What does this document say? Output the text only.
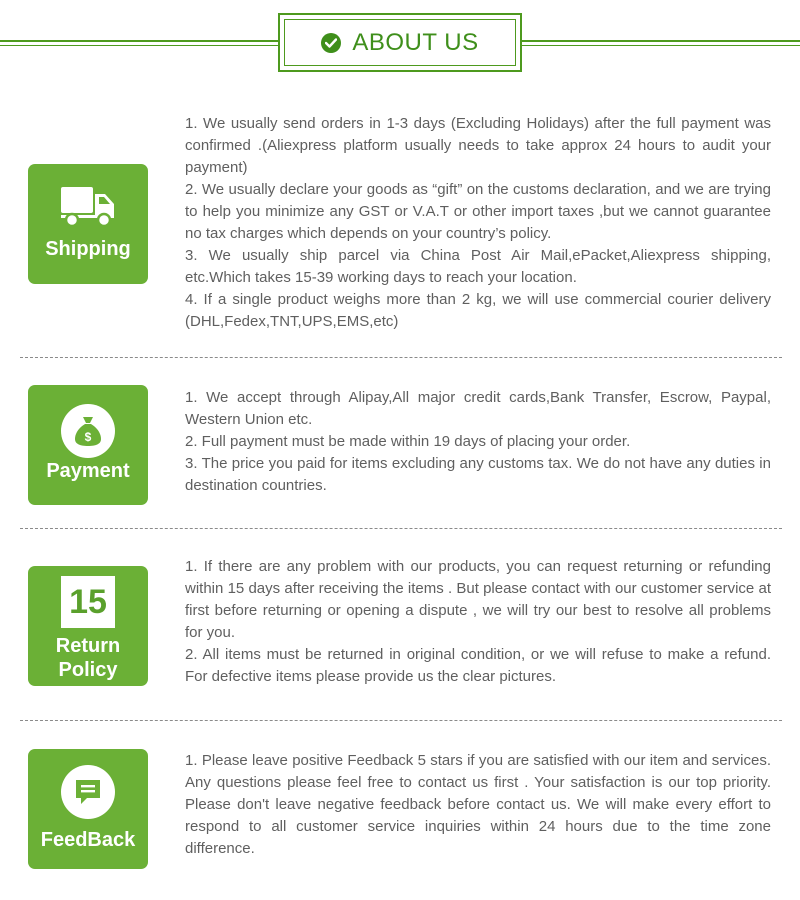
ABOUT US
Shipping

1. We usually send orders in 1-3 days (Excluding Holidays) after the full payment was confirmed .(Aliexpress platform usually needs to take approx 24 hours to audit your payment)

2. We usually declare your goods as “gift” on the customs declaration, and we are trying to help you minimize any GST or V.A.T or other import taxes ,but we cannot guarantee no tax charges which depends on your country’s policy.

3. We usually ship parcel via China Post Air Mail,ePacket,Aliexpress shipping, etc.Which takes 15-39 working days to reach your location.

4. If a single product weighs more than 2 kg, we will use commercial courier delivery (DHL,Fedex,TNT,UPS,EMS,etc)

$
Payment

1. We accept through Alipay,All major credit cards,Bank Transfer, Escrow, Paypal, Western Union etc.

2. Full payment must be made within 19 days of placing your order.

3. The price you paid for items excluding any customs tax. We do not have any duties in destination countries.

15
Return
Policy

1. If there are any problem with our products, you can request returning or refunding within 15 days after receiving the items . But please contact with our customer service at first before returning or opening a dispute , we will try our best to resolve all problems for you.

2. All items must be returned in original condition, or we will refuse to make a refund. For defective items please provide us the clear pictures.

FeedBack

1. Please leave positive Feedback 5 stars if you are satisfied with our item and services. Any questions please feel free to contact us first . Your satisfaction is our top priority. Please don't leave negative feedback before contact us. We will make every effort to respond to all customer service inquiries within 24 hours due to the time zone difference.
